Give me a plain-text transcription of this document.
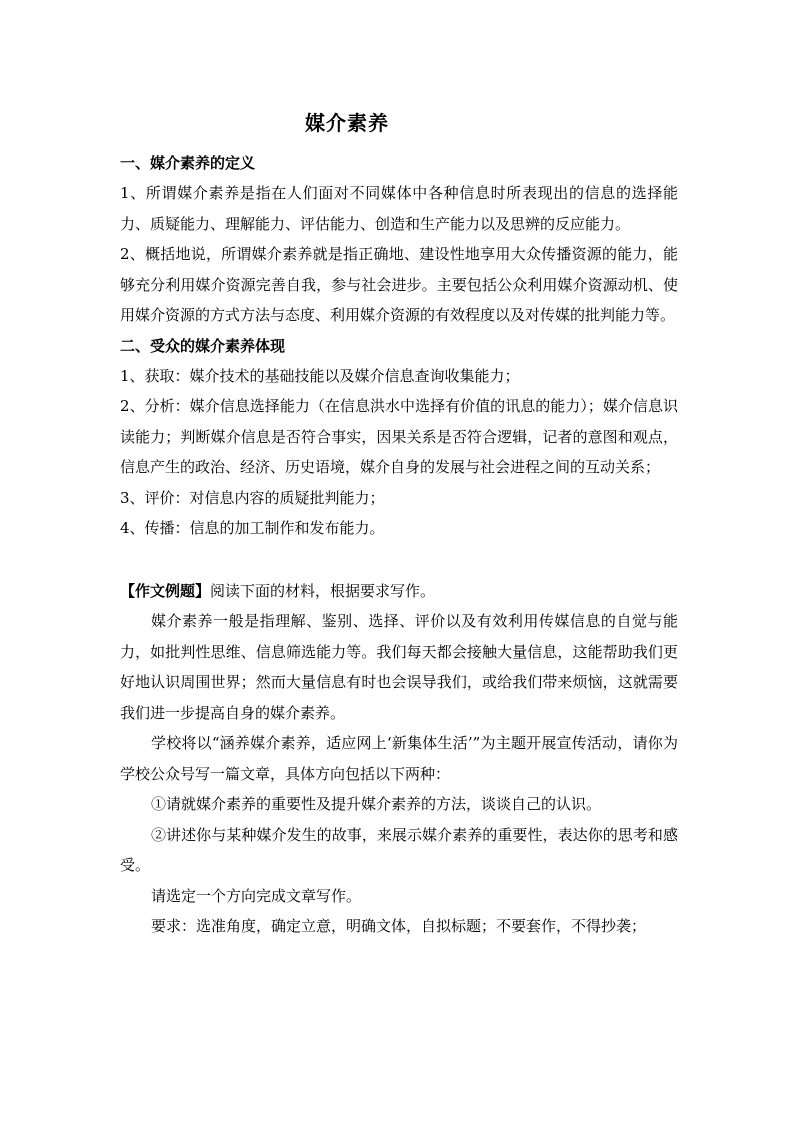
媒介素养
一、媒介素养的定义

1、所谓媒介素养是指在人们面对不同媒体中各种信息时所表现出的信息的选择能力、质疑能力、理解能力、评估能力、创造和生产能力以及思辨的反应能力。

2、概括地说，所谓媒介素养就是指正确地、建设性地享用大众传播资源的能力，能够充分利用媒介资源完善自我，参与社会进步。主要包括公众利用媒介资源动机、使用媒介资源的方式方法与态度、利用媒介资源的有效程度以及对传媒的批判能力等。

二、受众的媒介素养体现

1、获取：媒介技术的基础技能以及媒介信息查询收集能力；

2、分析：媒介信息选择能力（在信息洪水中选择有价值的讯息的能力）；媒介信息识读能力；判断媒介信息是否符合事实，因果关系是否符合逻辑，记者的意图和观点，信息产生的政治、经济、历史语境，媒介自身的发展与社会进程之间的互动关系；

3、评价：对信息内容的质疑批判能力；

4、传播：信息的加工制作和发布能力。

【作文例题】阅读下面的材料，根据要求写作。

媒介素养一般是指理解、鉴别、选择、评价以及有效利用传媒信息的自觉与能力，如批判性思维、信息筛选能力等。我们每天都会接触大量信息，这能帮助我们更好地认识周围世界；然而大量信息有时也会误导我们，或给我们带来烦恼，这就需要我们进一步提高自身的媒介素养。

学校将以“涵养媒介素养，适应网上‘新集体生活’”为主题开展宣传活动，请你为学校公众号写一篇文章，具体方向包括以下两种：

①请就媒介素养的重要性及提升媒介素养的方法，谈谈自己的认识。

②讲述你与某种媒介发生的故事，来展示媒介素养的重要性，表达你的思考和感受。

请选定一个方向完成文章写作。

要求：选准角度，确定立意，明确文体，自拟标题；不要套作，不得抄袭；
